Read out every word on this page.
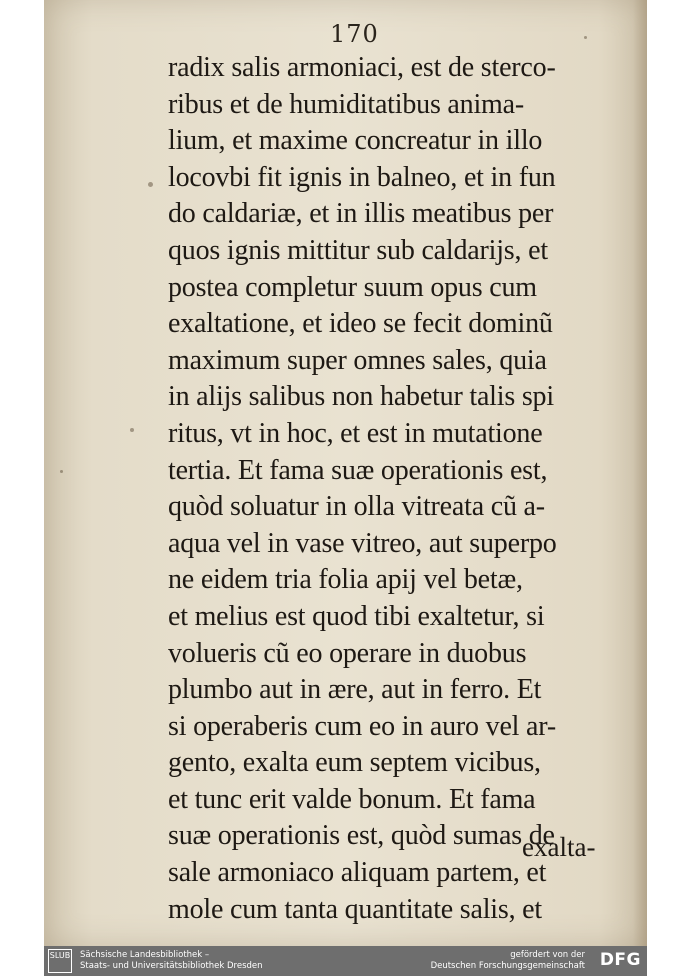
170
radix salis armoniaci, est de sterco-
ribus et de humiditatibus anima-
lium, et maxime concreatur in illo
locovbi fit ignis in balneo, et in fun
do caldariæ, et in illis meatibus per
quos ignis mittitur sub caldarijs, et
postea completur suum opus cum
exaltatione, et ideo se fecit dominũ
maximum super omnes sales, quia
in alijs salibus non habetur talis spi
ritus, vt in hoc, et est in mutatione
tertia. Et fama suæ operationis est,
quòd soluatur in olla vitreata cũ a-
aqua vel in vase vitreo, aut superpo
ne eidem tria folia apij vel betæ,
et melius est quod tibi exaltetur, si
volueris cũ eo operare in duobus
plumbo aut in ære, aut in ferro. Et
si operaberis cum eo in auro vel ar-
gento, exalta eum septem vicibus,
et tunc erit valde bonum. Et fama
suæ operationis est, quòd sumas de
sale armoniaco aliquam partem, et
mole cum tanta quantitate salis, et
exalta-
SLUB Sächsische Landesbibliothek –
Staats- und Universitätsbibliothek Dresden
gefördert von der
Deutschen Forschungsgemeinschaft DFG
